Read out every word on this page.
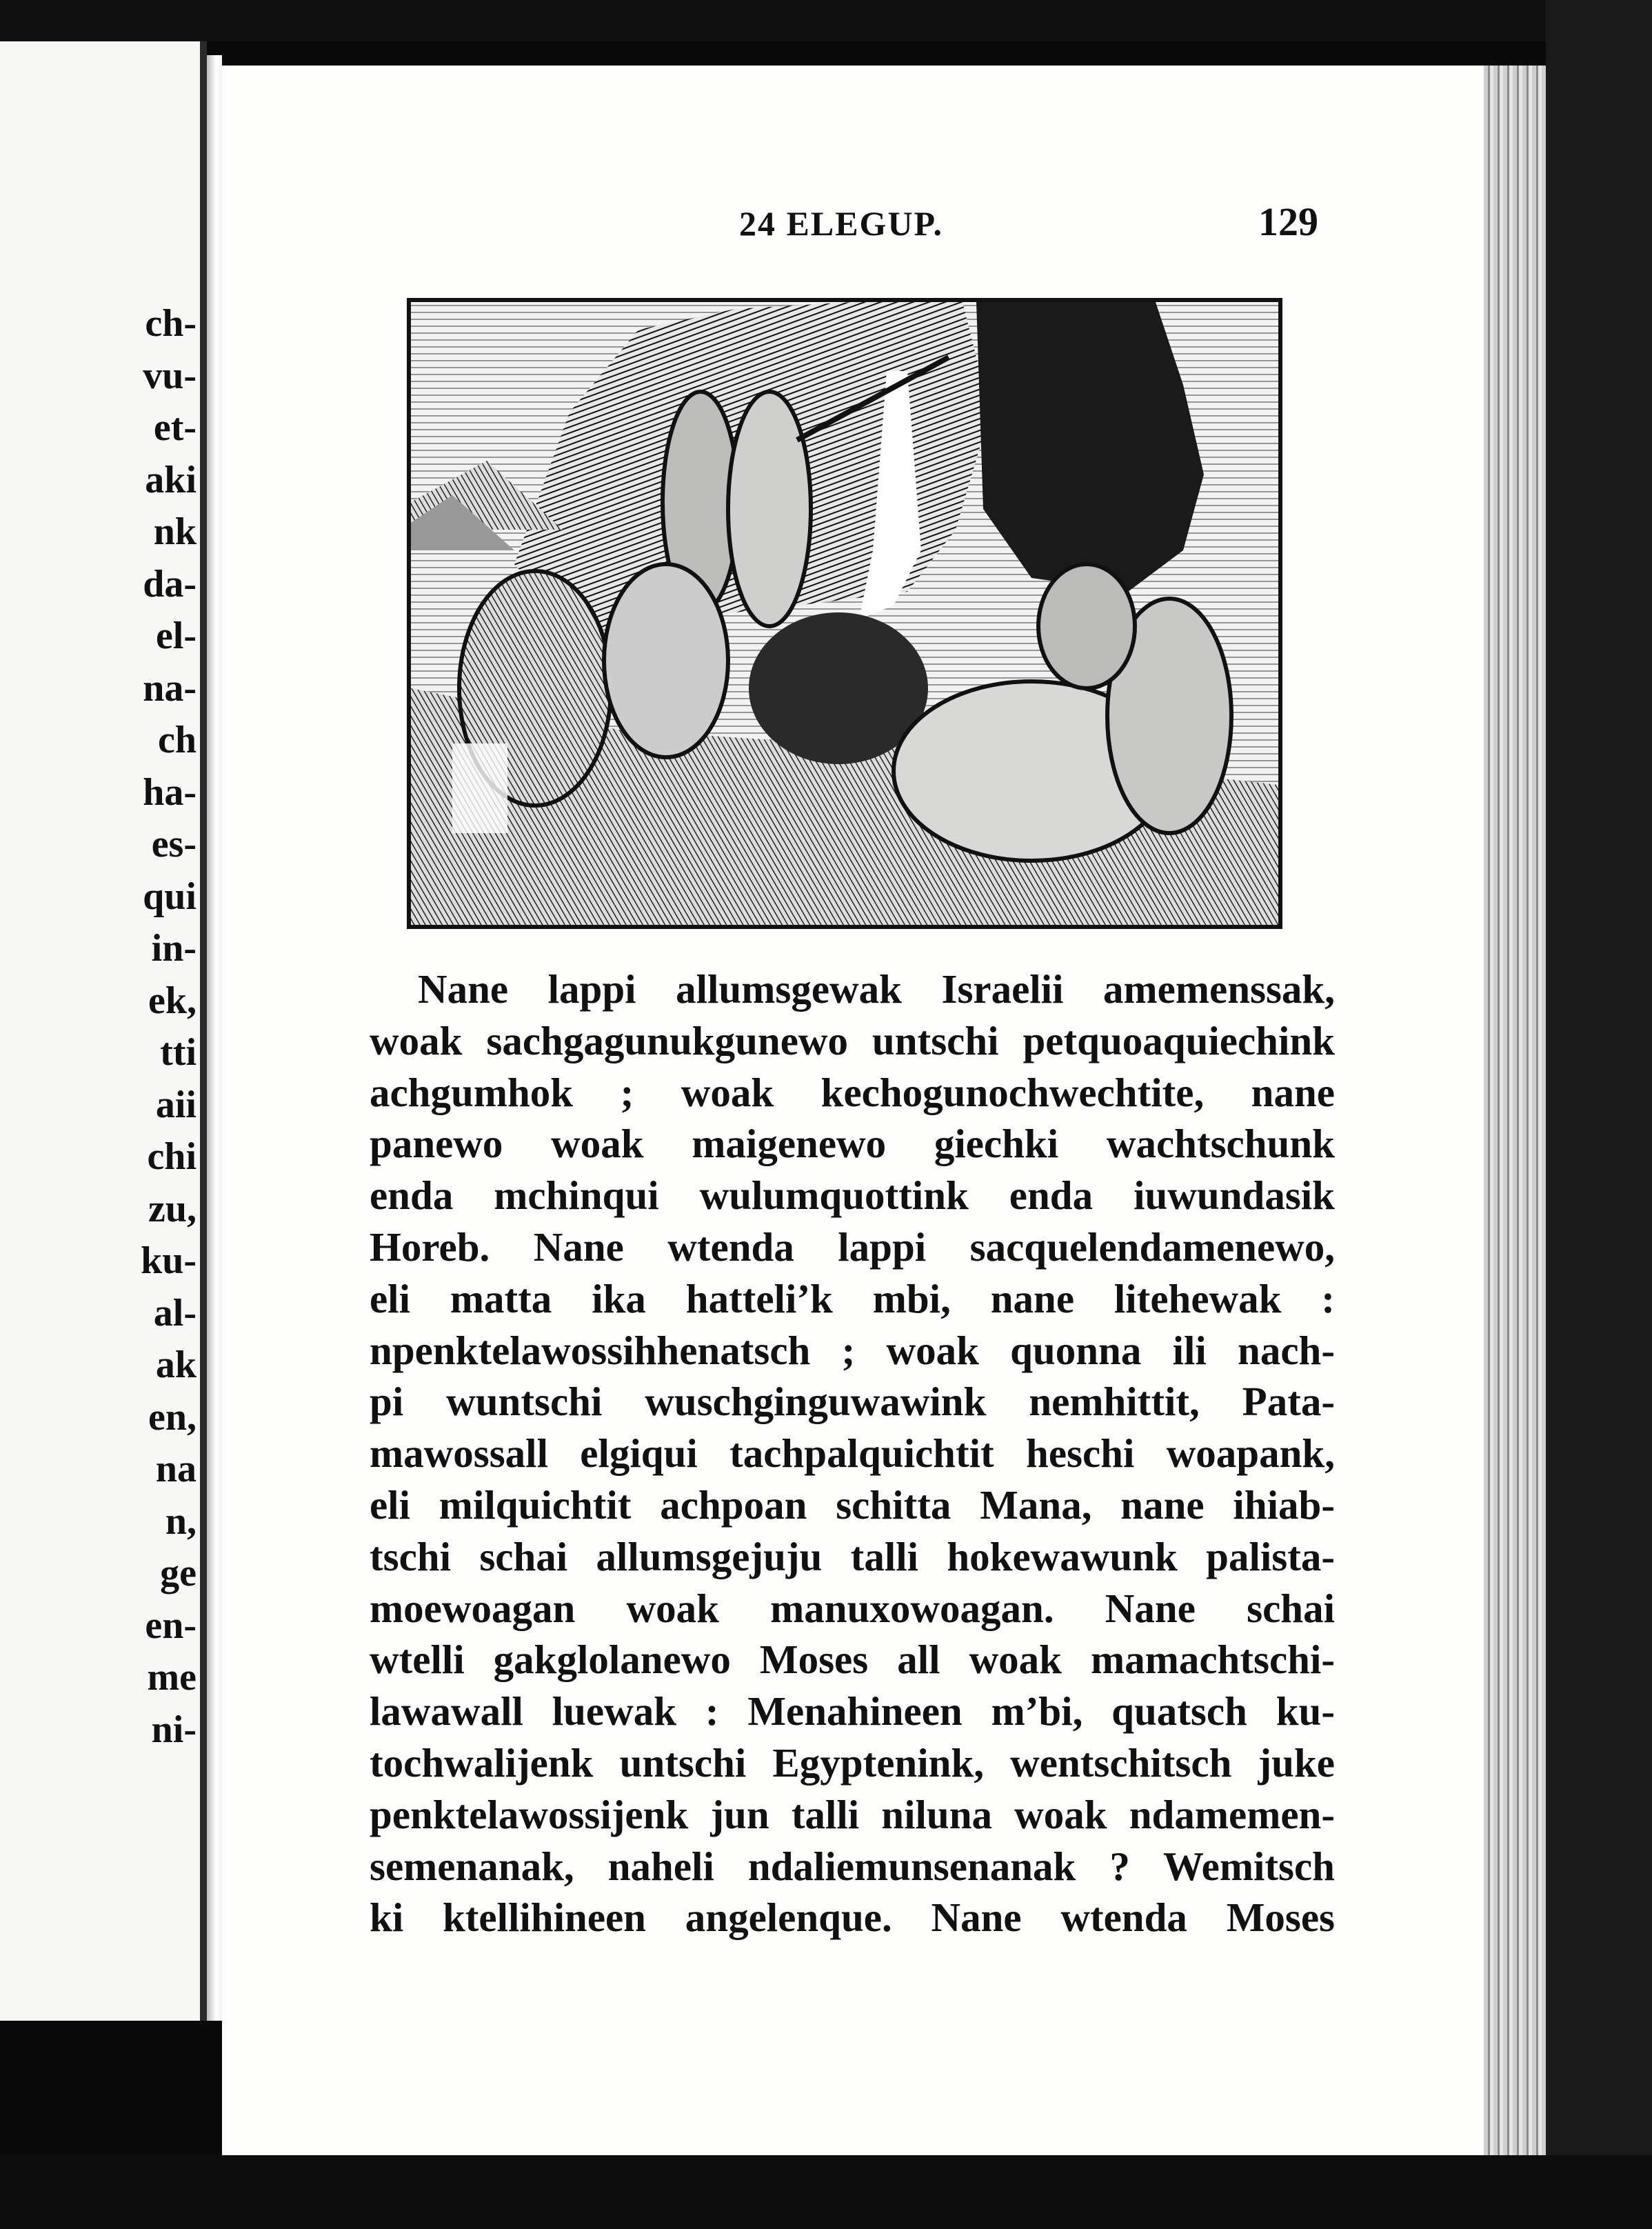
ch-
vu-
et-
aki
nk
da-
el-
na-
ch
ha-
es-
qui
in-
ek,
tti
aii
chi
zu,
ku-
al-
ak
en,
na
n,
ge
en-
me
ni-
24 ELEGUP.	129
Nane lappi allumsgewak Israelii amemenssak,
woak sachgagunukgunewo untschi petquoaquiechink
achgumhok ; woak kechogunochwechtite, nane
panewo woak maigenewo giechki wachtschunk
enda mchinqui wulumquottink enda iuwundasik
Horeb. Nane wtenda lappi sacquelendamenewo,
eli matta ika hatteli’k mbi, nane litehewak :
npenktelawossihhenatsch ; woak quonna ili nach-
pi wuntschi wuschginguwawink nemhittit, Pata-
mawossall elgiqui tachpalquichtit heschi woapank,
eli milquichtit achpoan schitta Mana, nane ihiab-
tschi schai allumsgejuju talli hokewawunk palista-
moewoagan woak manuxowoagan. Nane schai
wtelli gakglolanewo Moses all woak mamachtschi-
lawawall luewak : Menahineen m’bi, quatsch ku-
tochwalijenk untschi Egyptenink, wentschitsch juke
penktelawossijenk jun talli niluna woak ndamemen-
semenanak, naheli ndaliemunsenanak ? Wemitsch
ki ktellihineen angelenque. Nane wtenda Moses
